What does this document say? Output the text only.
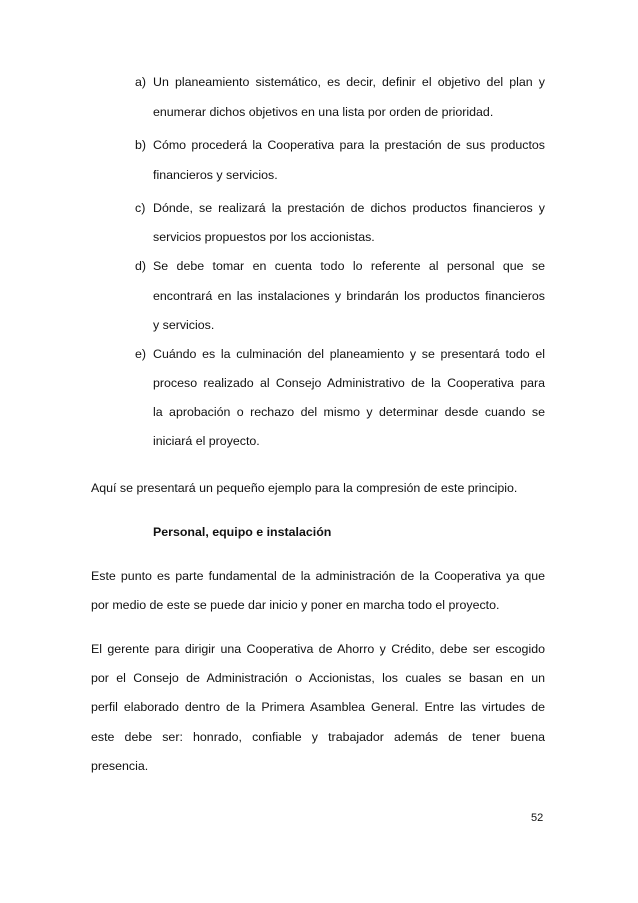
a) Un planeamiento sistemático, es decir, definir el objetivo del plan y
enumerar dichos objetivos en una lista por orden de prioridad.
b) Cómo procederá la Cooperativa para la prestación de sus productos
financieros y servicios.
c) Dónde, se realizará la prestación de dichos productos financieros y
servicios propuestos por los accionistas.
d) Se debe tomar en cuenta todo lo referente al personal que se
encontrará en las instalaciones y brindarán los productos financieros
y servicios.
e) Cuándo es la culminación del planeamiento y se presentará todo el
proceso realizado al Consejo Administrativo de la Cooperativa para
la aprobación o rechazo del mismo y determinar desde cuando se
iniciará el proyecto.
Aquí se presentará un pequeño ejemplo para la compresión de este principio.
Personal, equipo e instalación
Este punto es parte fundamental de la administración de la Cooperativa ya que
por medio de este se puede dar inicio y poner en marcha todo el proyecto.
El gerente para dirigir una Cooperativa de Ahorro y Crédito, debe ser escogido
por el Consejo de Administración o Accionistas, los cuales se basan en un
perfil elaborado dentro de la Primera Asamblea General. Entre las virtudes de
este debe ser: honrado, confiable y trabajador además de tener buena
presencia.
52
